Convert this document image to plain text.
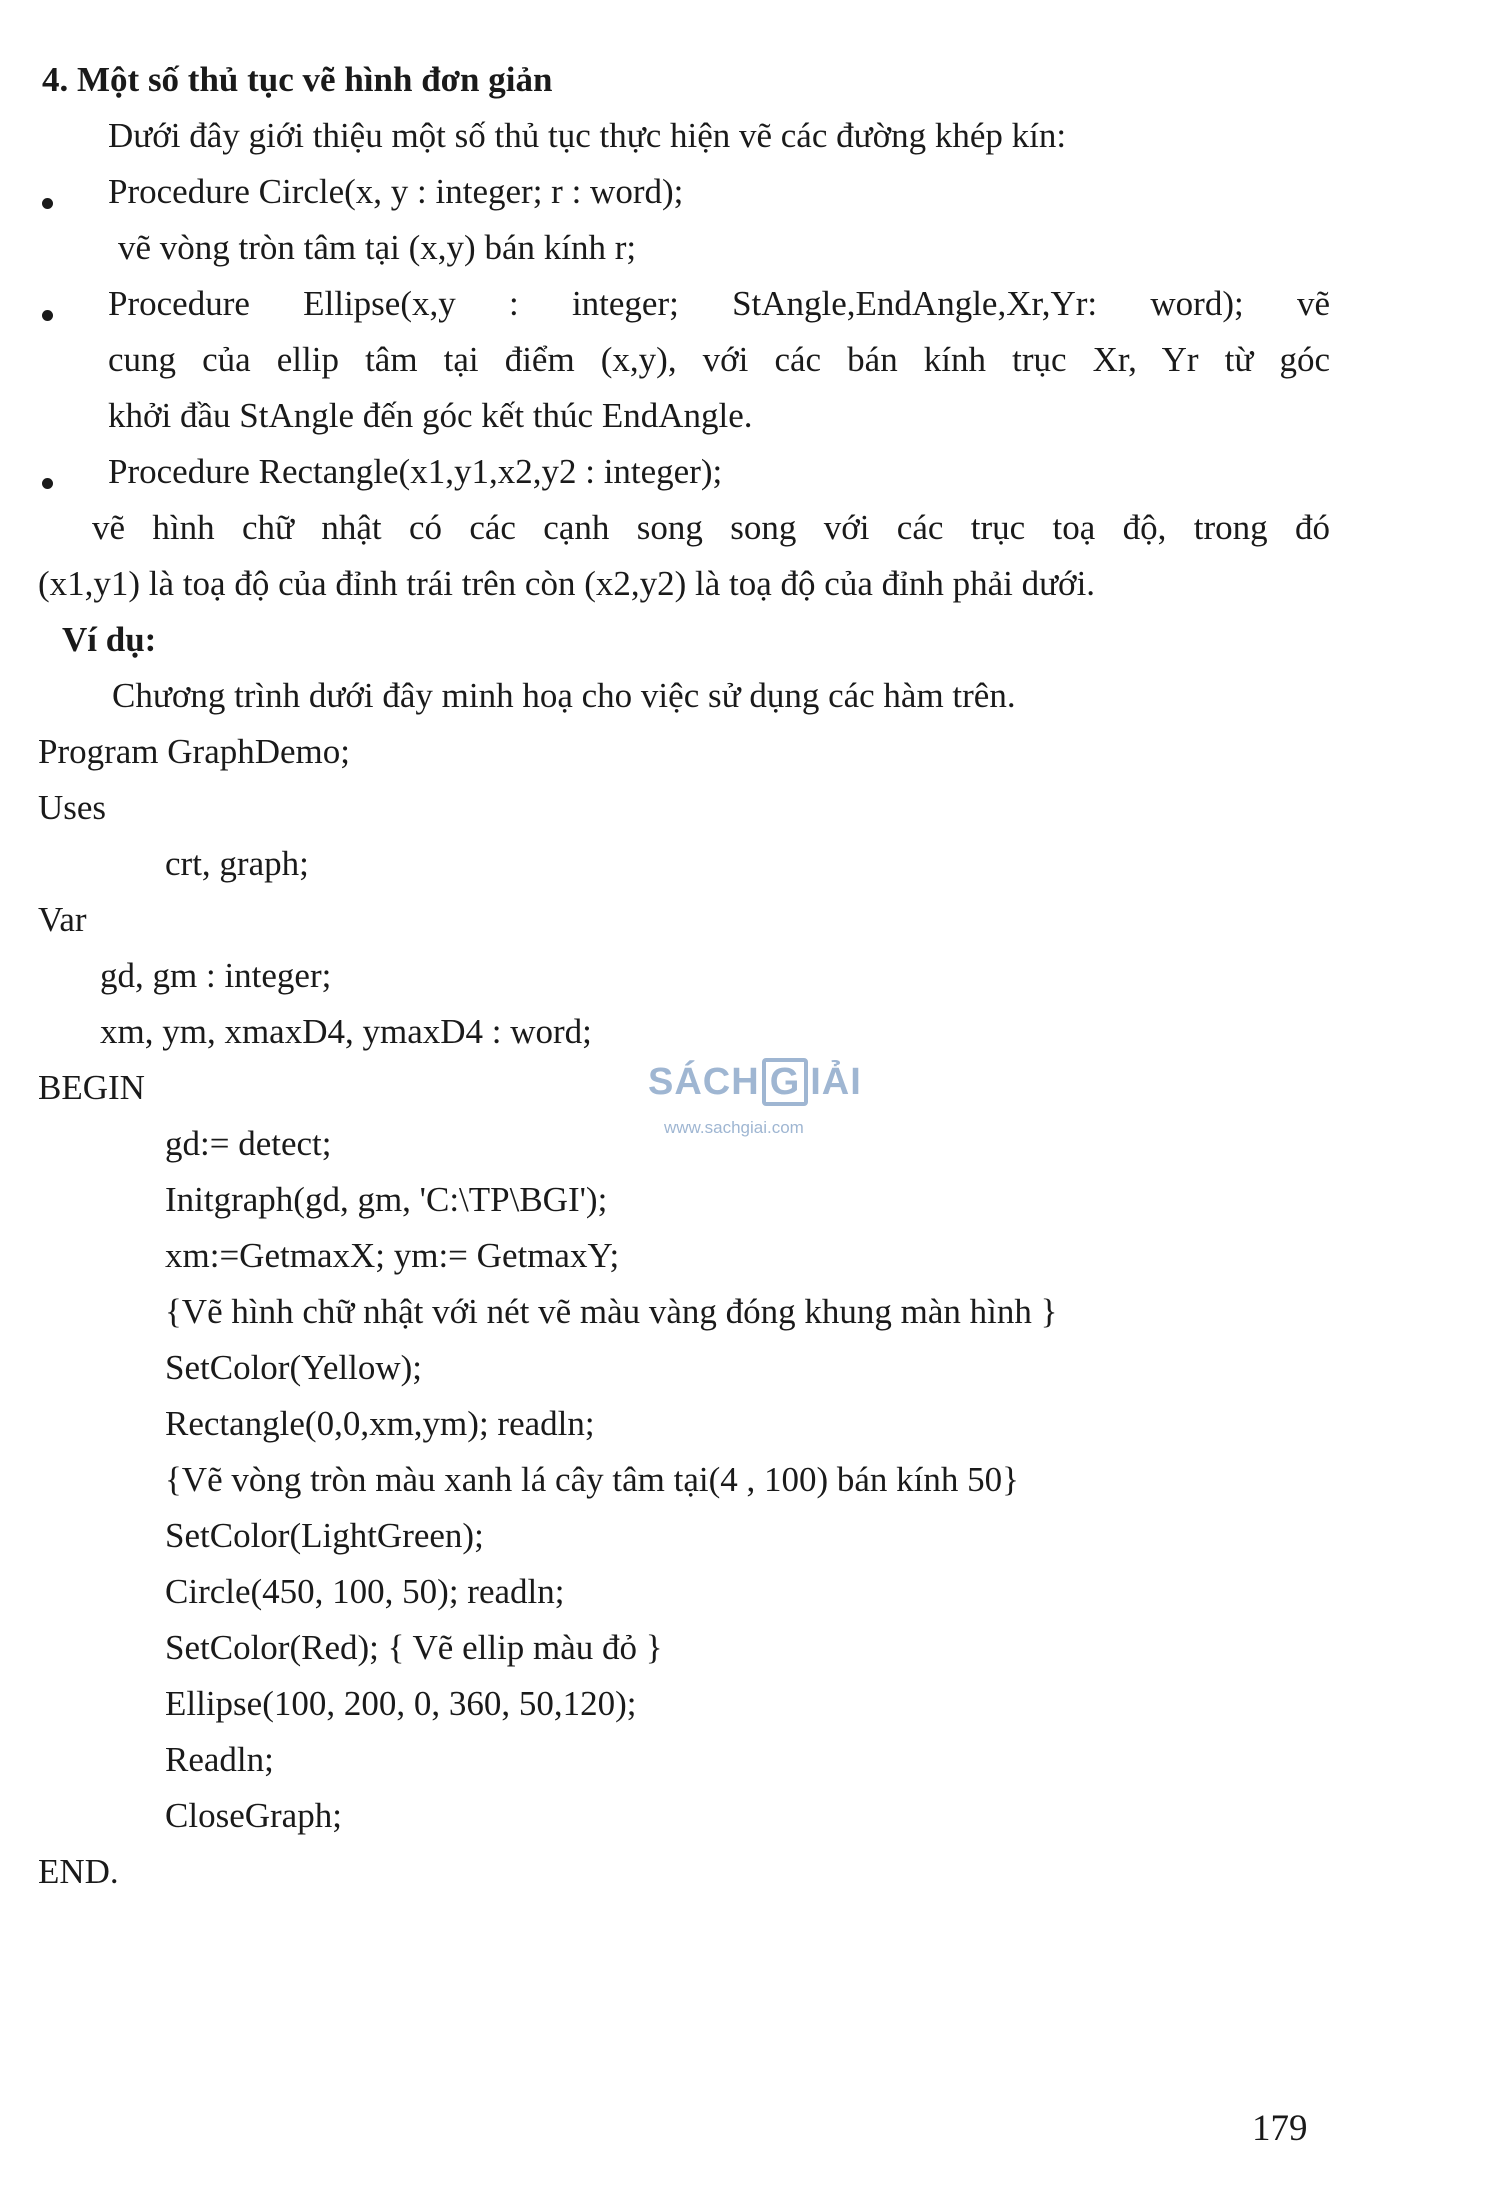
4. Một số thủ tục vẽ hình đơn giản
Dưới đây giới thiệu một số thủ tục thực hiện vẽ các đường khép kín:
Procedure Circle(x, y : integer; r : word);
vẽ vòng tròn tâm tại (x,y) bán kính r;
Procedure Ellipse(x,y : integer; StAngle,EndAngle,Xr,Yr: word); vẽ
cung của ellip tâm tại điểm (x,y), với các bán kính trục Xr, Yr từ góc
khởi đầu StAngle đến góc kết thúc EndAngle.
Procedure Rectangle(x1,y1,x2,y2 : integer);
vẽ hình chữ nhật có các cạnh song song với các trục toạ độ, trong đó
(x1,y1) là toạ độ của đỉnh trái trên còn (x2,y2) là toạ độ của đỉnh phải dưới.
Ví dụ:
Chương trình dưới đây minh hoạ cho việc sử dụng các hàm trên.
Program GraphDemo;
Uses
crt, graph;
Var
gd, gm : integer;
xm, ym, xmaxD4, ymaxD4 : word;
BEGIN
gd:= detect;
Initgraph(gd, gm, 'C:\TP\BGI');
xm:=GetmaxX; ym:= GetmaxY;
{Vẽ hình chữ nhật với nét vẽ màu vàng đóng khung màn hình }
SetColor(Yellow);
Rectangle(0,0,xm,ym); readln;
{Vẽ vòng tròn màu xanh lá cây tâm tại(4 , 100) bán kính 50}
SetColor(LightGreen);
Circle(450, 100, 50); readln;
SetColor(Red); { Vẽ ellip màu đỏ }
Ellipse(100, 200, 0, 360, 50,120);
Readln;
CloseGraph;
END.
SÁCH G IẢI
www.sachgiai.com
179
